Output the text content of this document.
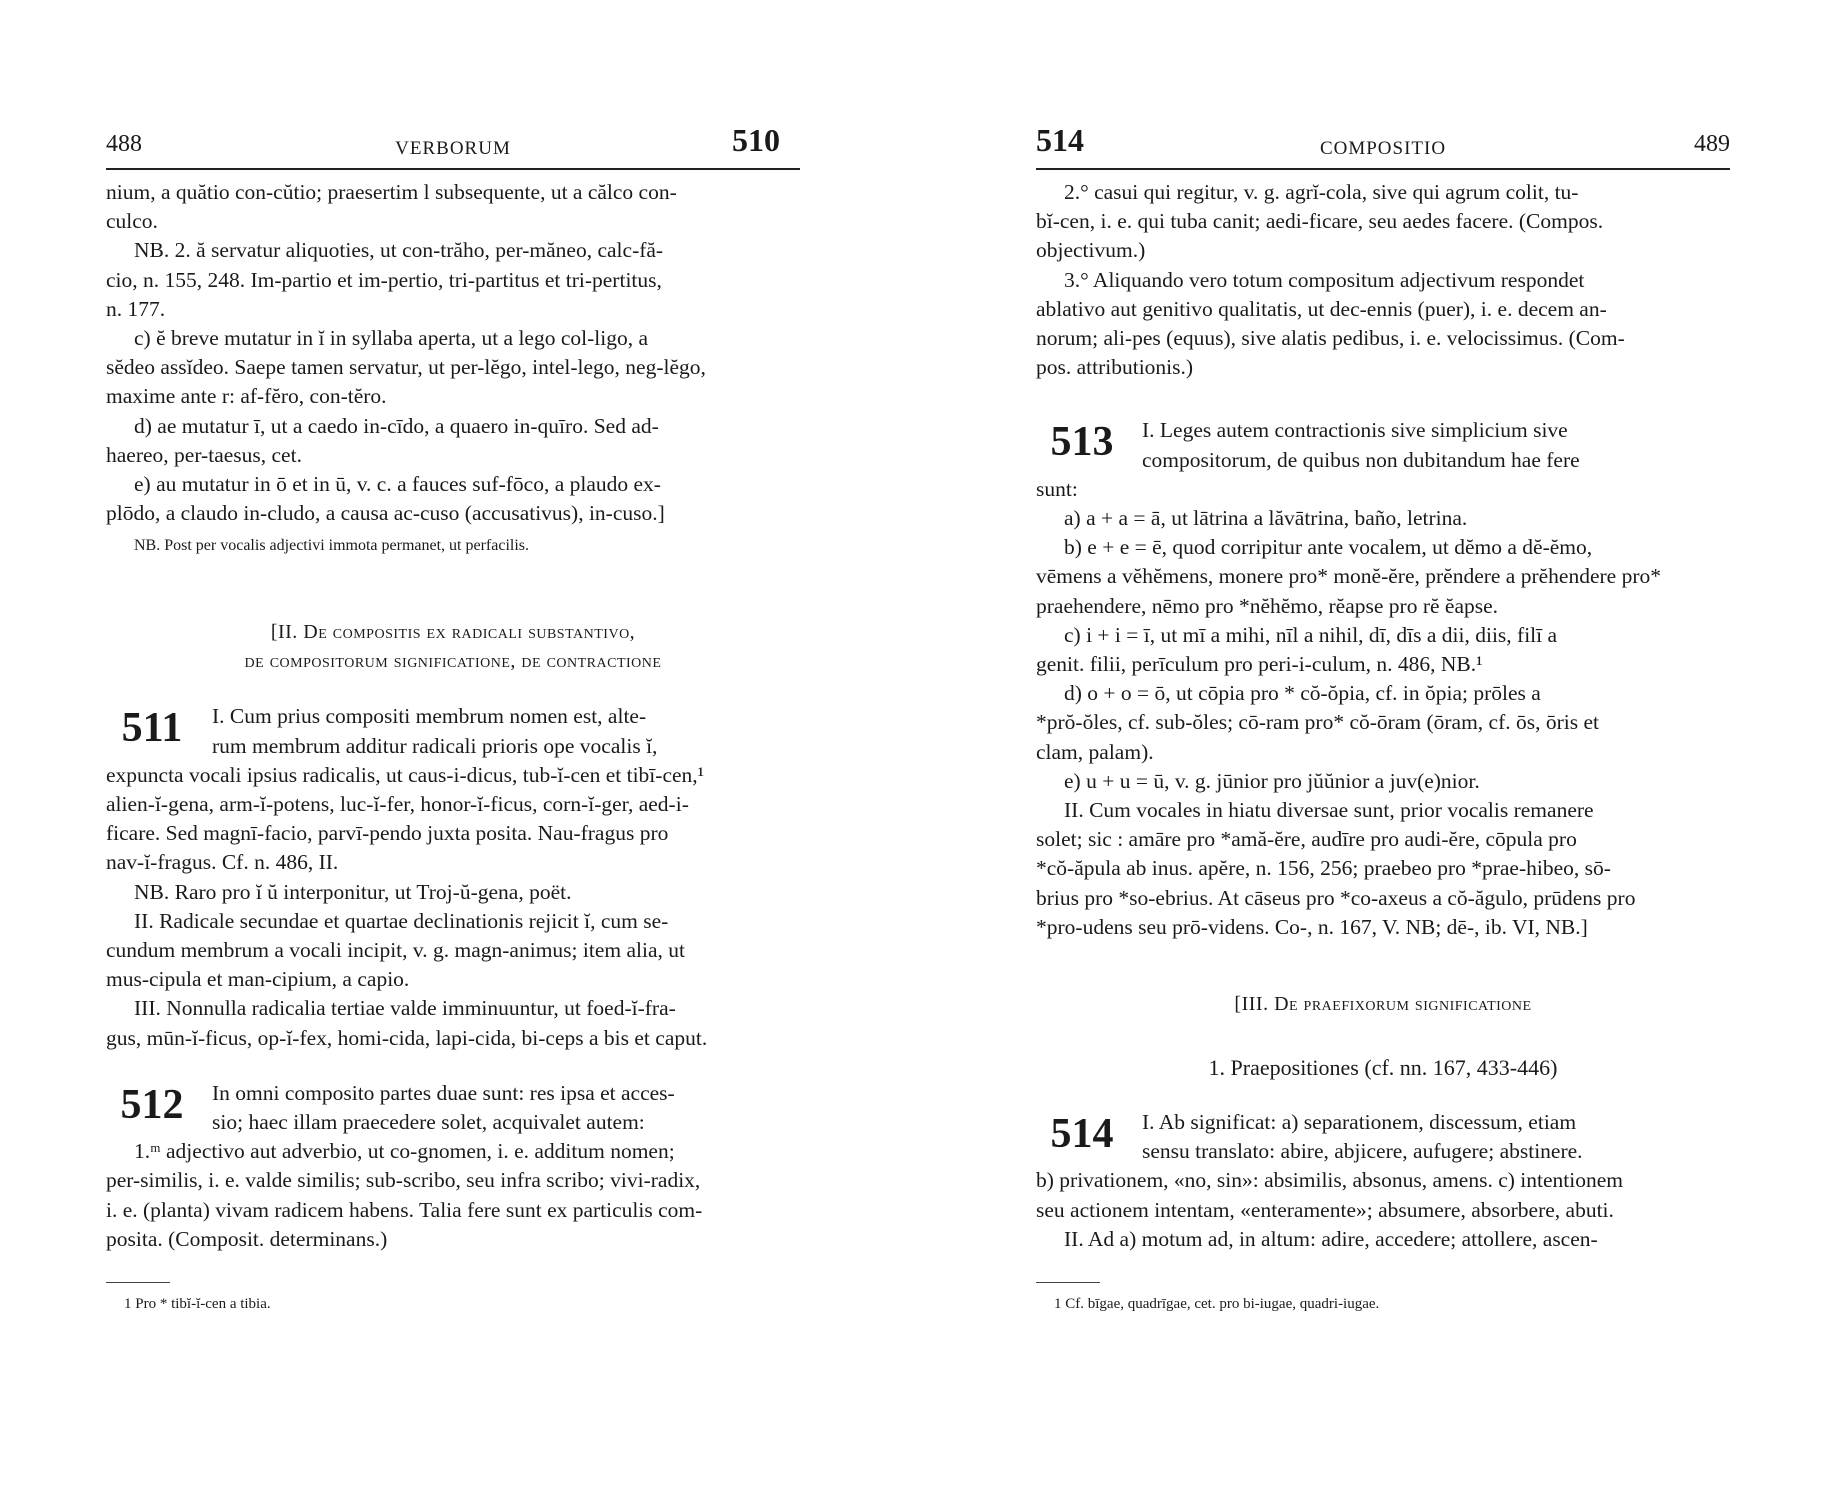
488	VERBORUM	510

nium, a quătio con-cŭtio; praesertim l subsequente, ut a călco con-

culco.

NB. 2. ă servatur aliquoties, ut con-trăho, per-măneo, calc-fă-

cio, n. 155, 248. Im-partio et im-pertio, tri-partitus et tri-pertitus,

n. 177.

c) ĕ breve mutatur in ĭ in syllaba aperta, ut a lego col-ligo, a

sĕdeo assĭdeo. Saepe tamen servatur, ut per-lĕgo, intel-lego, neg-lĕgo,

maxime ante r: af-fĕro, con-tĕro.

d) ae mutatur ī, ut a caedo in-cīdo, a quaero in-quīro. Sed ad-

haereo, per-taesus, cet.

e) au mutatur in ō et in ū, v. c. a fauces suf-fōco, a plaudo ex-

plōdo, a claudo in-cludo, a causa ac-cuso (accusativus), in-cuso.]

NB. Post per vocalis adjectivi immota permanet, ut perfacilis.

[II. De compositis ex radicali substantivo,
de compositorum significatione, de contractione
511	I. Cum prius compositi membrum nomen est, alte-

rum membrum additur radicali prioris ope vocalis ĭ,

expuncta vocali ipsius radicalis, ut caus-i-dicus, tub-ĭ-cen et tibī-cen,¹

alien-ĭ-gena, arm-ĭ-potens, luc-ĭ-fer, honor-ĭ-ficus, corn-ĭ-ger, aed-i-

ficare. Sed magnī-facio, parvī-pendo juxta posita. Nau-fragus pro

nav-ĭ-fragus. Cf. n. 486, II.

NB. Raro pro ĭ ŭ interponitur, ut Troj-ŭ-gena, poët.

II. Radicale secundae et quartae declinationis rejicit ĭ, cum se-

cundum membrum a vocali incipit, v. g. magn-animus; item alia, ut

mus-cipula et man-cipium, a capio.

III. Nonnulla radicalia tertiae valde imminuuntur, ut foed-ĭ-fra-

gus, mūn-ĭ-ficus, op-ĭ-fex, homi-cida, lapi-cida, bi-ceps a bis et caput.

512	In omni composito partes duae sunt: res ipsa et acces-

sio; haec illam praecedere solet, acquivalet autem:

1.ᵐ adjectivo aut adverbio, ut co-gnomen, i. e. additum nomen;

per-similis, i. e. valde similis; sub-scribo, seu infra scribo; vivi-radix,

i. e. (planta) vivam radicem habens. Talia fere sunt ex particulis com-

posita. (Composit. determinans.)

1 Pro * tibĭ-ĭ-cen a tibia.

514	COMPOSITIO	489

2.° casui qui regitur, v. g. agrĭ-cola, sive qui agrum colit, tu-

bĭ-cen, i. e. qui tuba canit; aedi-ficare, seu aedes facere. (Compos.

objectivum.)

3.° Aliquando vero totum compositum adjectivum respondet

ablativo aut genitivo qualitatis, ut dec-ennis (puer), i. e. decem an-

norum; ali-pes (equus), sive alatis pedibus, i. e. velocissimus. (Com-

pos. attributionis.)

513	I. Leges autem contractionis sive simplicium sive

compositorum, de quibus non dubitandum hae fere

sunt:

a) a + a = ā, ut lātrina a lăvātrina, baño, letrina.

b) e + e = ē, quod corripitur ante vocalem, ut dĕmo a dĕ-ĕmo,

vēmens a vĕhĕmens, monere pro* monĕ-ĕre, prĕndere a prĕhendere pro*

praehendere, nēmo pro *nĕhĕmo, rĕapse pro rĕ ĕapse.

c) i + i = ī, ut mī a mihi, nīl a nihil, dī, dīs a dii, diis, filī a

genit. filii, perīculum pro peri-i-culum, n. 486, NB.¹

d) o + o = ō, ut cōpia pro * cŏ-ŏpia, cf. in ŏpia; prōles a

*prŏ-ŏles, cf. sub-ŏles; cō-ram pro* cŏ-ōram (ōram, cf. ōs, ōris et

clam, palam).

e) u + u = ū, v. g. jūnior pro jŭŭnior a juv(e)nior.

II. Cum vocales in hiatu diversae sunt, prior vocalis remanere

solet; sic : amāre pro *amă-ĕre, audīre pro audi-ĕre, cōpula pro

*cŏ-ăpula ab inus. apĕre, n. 156, 256; praebeo pro *prae-hibeo, sō-

brius pro *so-ebrius. At cāseus pro *co-axeus a cŏ-ăgulo, prūdens pro

*pro-udens seu prō-videns. Co-, n. 167, V. NB; dē-, ib. VI, NB.]

[III. De praefixorum significatione
1. Praepositiones (cf. nn. 167, 433-446)
514	I. Ab significat: a) separationem, discessum, etiam

sensu translato: abire, abjicere, aufugere; abstinere.

b) privationem, «no, sin»: absimilis, absonus, amens. c) intentionem

seu actionem intentam, «enteramente»; absumere, absorbere, abuti.

II. Ad a) motum ad, in altum: adire, accedere; attollere, ascen-

1 Cf. bīgae, quadrīgae, cet. pro bi-iugae, quadri-iugae.
